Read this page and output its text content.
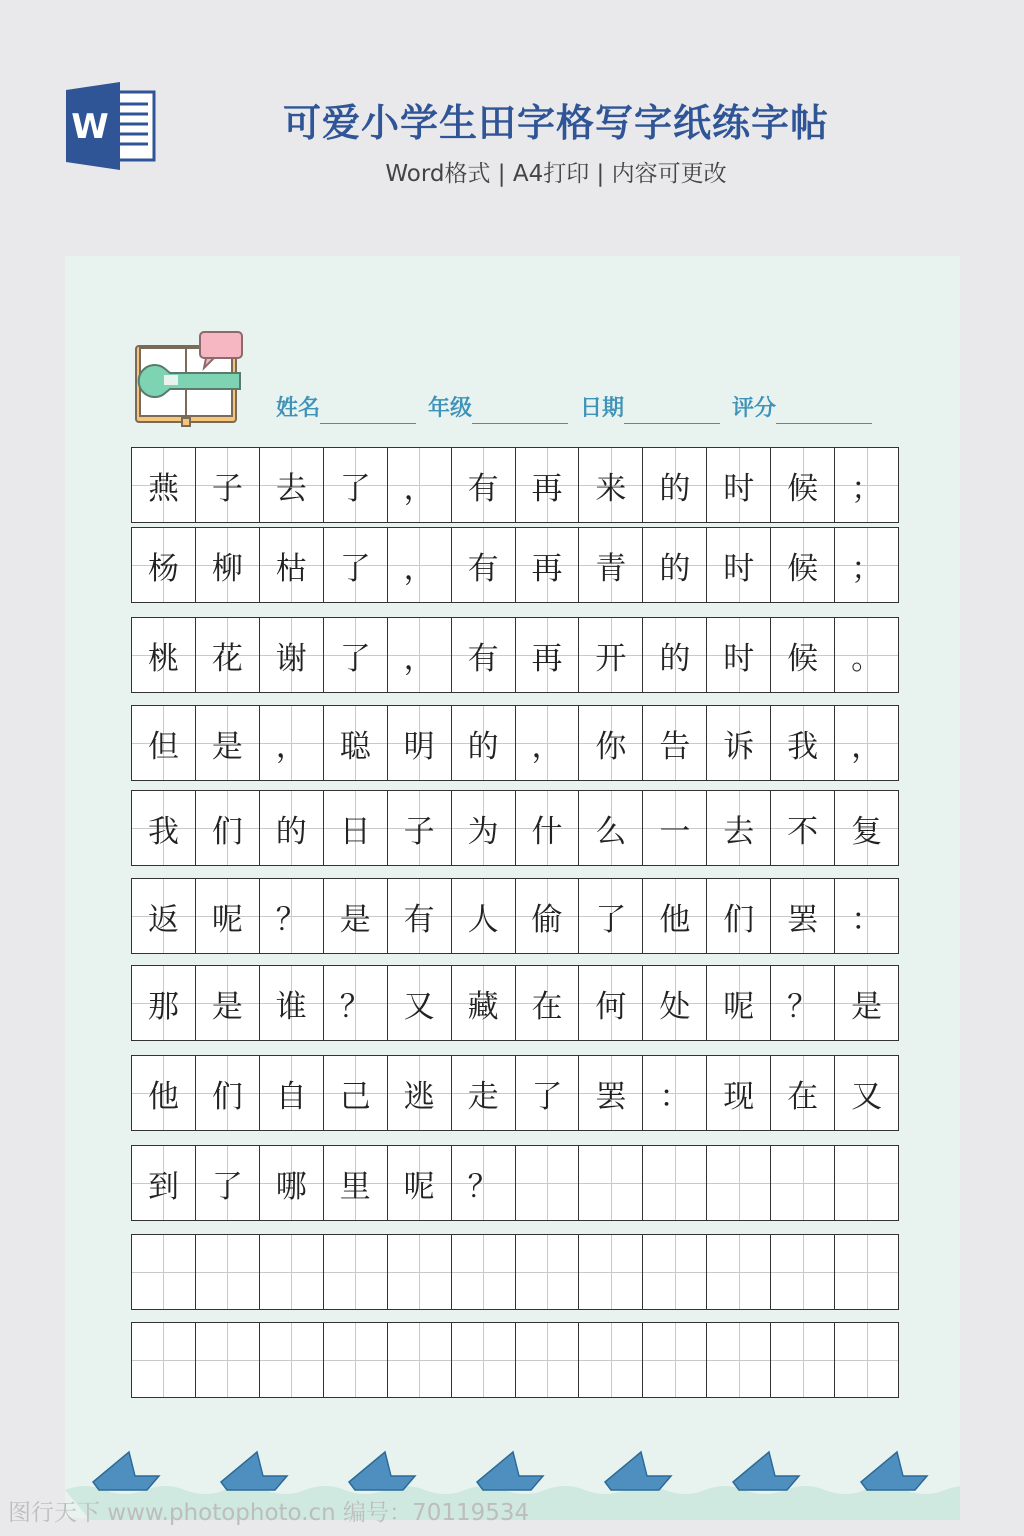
W	可爱小学生田字格写字纸练字帖
Word格式 | A4打印 | 内容可更改
姓名	年级	日期	评分
燕 子 去 了 ， 有 再 来 的 时 候 ；
杨 柳 枯 了 ， 有 再 青 的 时 候 ；
桃 花 谢 了 ， 有 再 开 的 时 候 。
但 是 ， 聪 明 的 ， 你 告 诉 我 ，
我 们 的 日 子 为 什 么 一 去 不 复
返 呢 ？ 是 有 人 偷 了 他 们 罢 ：
那 是 谁 ？ 又 藏 在 何 处 呢 ？ 是
他 们 自 己 逃 走 了 罢 ： 现 在 又
到 了 哪 里 呢 ？
图行天下 www.photophoto.cn 编号：70119534
